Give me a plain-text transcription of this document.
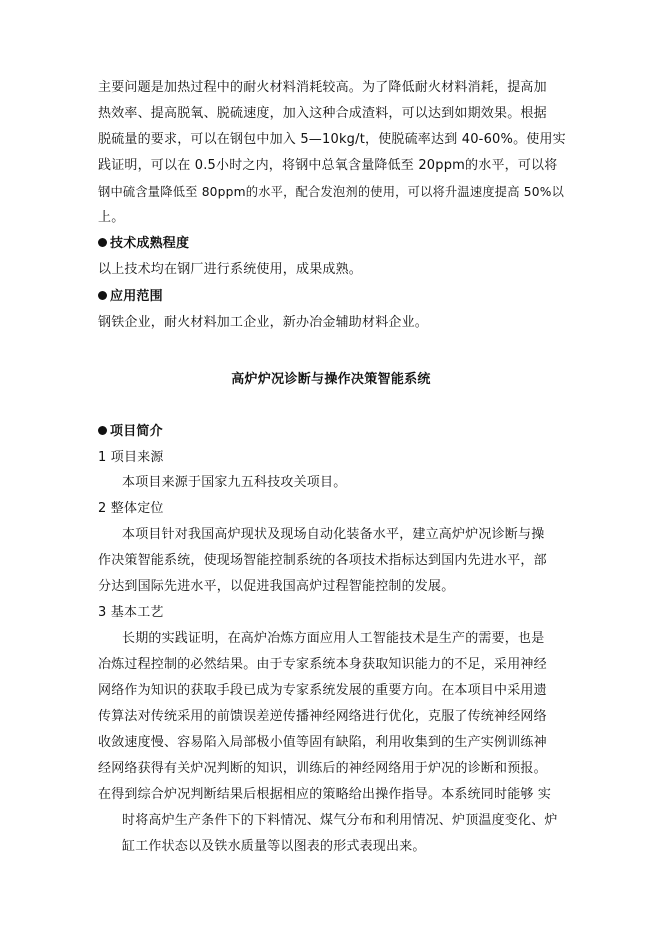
主要问题是加热过程中的耐火材料消耗较高。为了降低耐火材料消耗，提高加
热效率、提高脱氧、脱硫速度，加入这种合成渣料，可以达到如期效果。根据
脱硫量的要求，可以在钢包中加入 5—10kg/t，使脱硫率达到 40-60%。使用实
践证明，可以在 0.5小时之内，将钢中总氧含量降低至 20ppm的水平，可以将
钢中硫含量降低至 80ppm的水平，配合发泡剂的使用，可以将升温速度提高 50%以
上。
技术成熟程度
以上技术均在钢厂进行系统使用，成果成熟。
应用范围
钢铁企业，耐火材料加工企业，新办冶金辅助材料企业。
高炉炉况诊断与操作决策智能系统
项目简介
1 项目来源
本项目来源于国家九五科技攻关项目。
2 整体定位
本项目针对我国高炉现状及现场自动化装备水平，建立高炉炉况诊断与操
作决策智能系统，使现场智能控制系统的各项技术指标达到国内先进水平，部
分达到国际先进水平，以促进我国高炉过程智能控制的发展。
3 基本工艺
长期的实践证明，在高炉冶炼方面应用人工智能技术是生产的需要，也是
冶炼过程控制的必然结果。由于专家系统本身获取知识能力的不足，采用神经
网络作为知识的获取手段已成为专家系统发展的重要方向。在本项目中采用遗
传算法对传统采用的前馈误差逆传播神经网络进行优化，克服了传统神经网络
收敛速度慢、容易陷入局部极小值等固有缺陷，利用收集到的生产实例训练神
经网络获得有关炉况判断的知识，训练后的神经网络用于炉况的诊断和预报。
在得到综合炉况判断结果后根据相应的策略给出操作指导。本系统同时能够 实
时将高炉生产条件下的下料情况、煤气分布和利用情况、炉顶温度变化、炉
缸工作状态以及铁水质量等以图表的形式表现出来。
